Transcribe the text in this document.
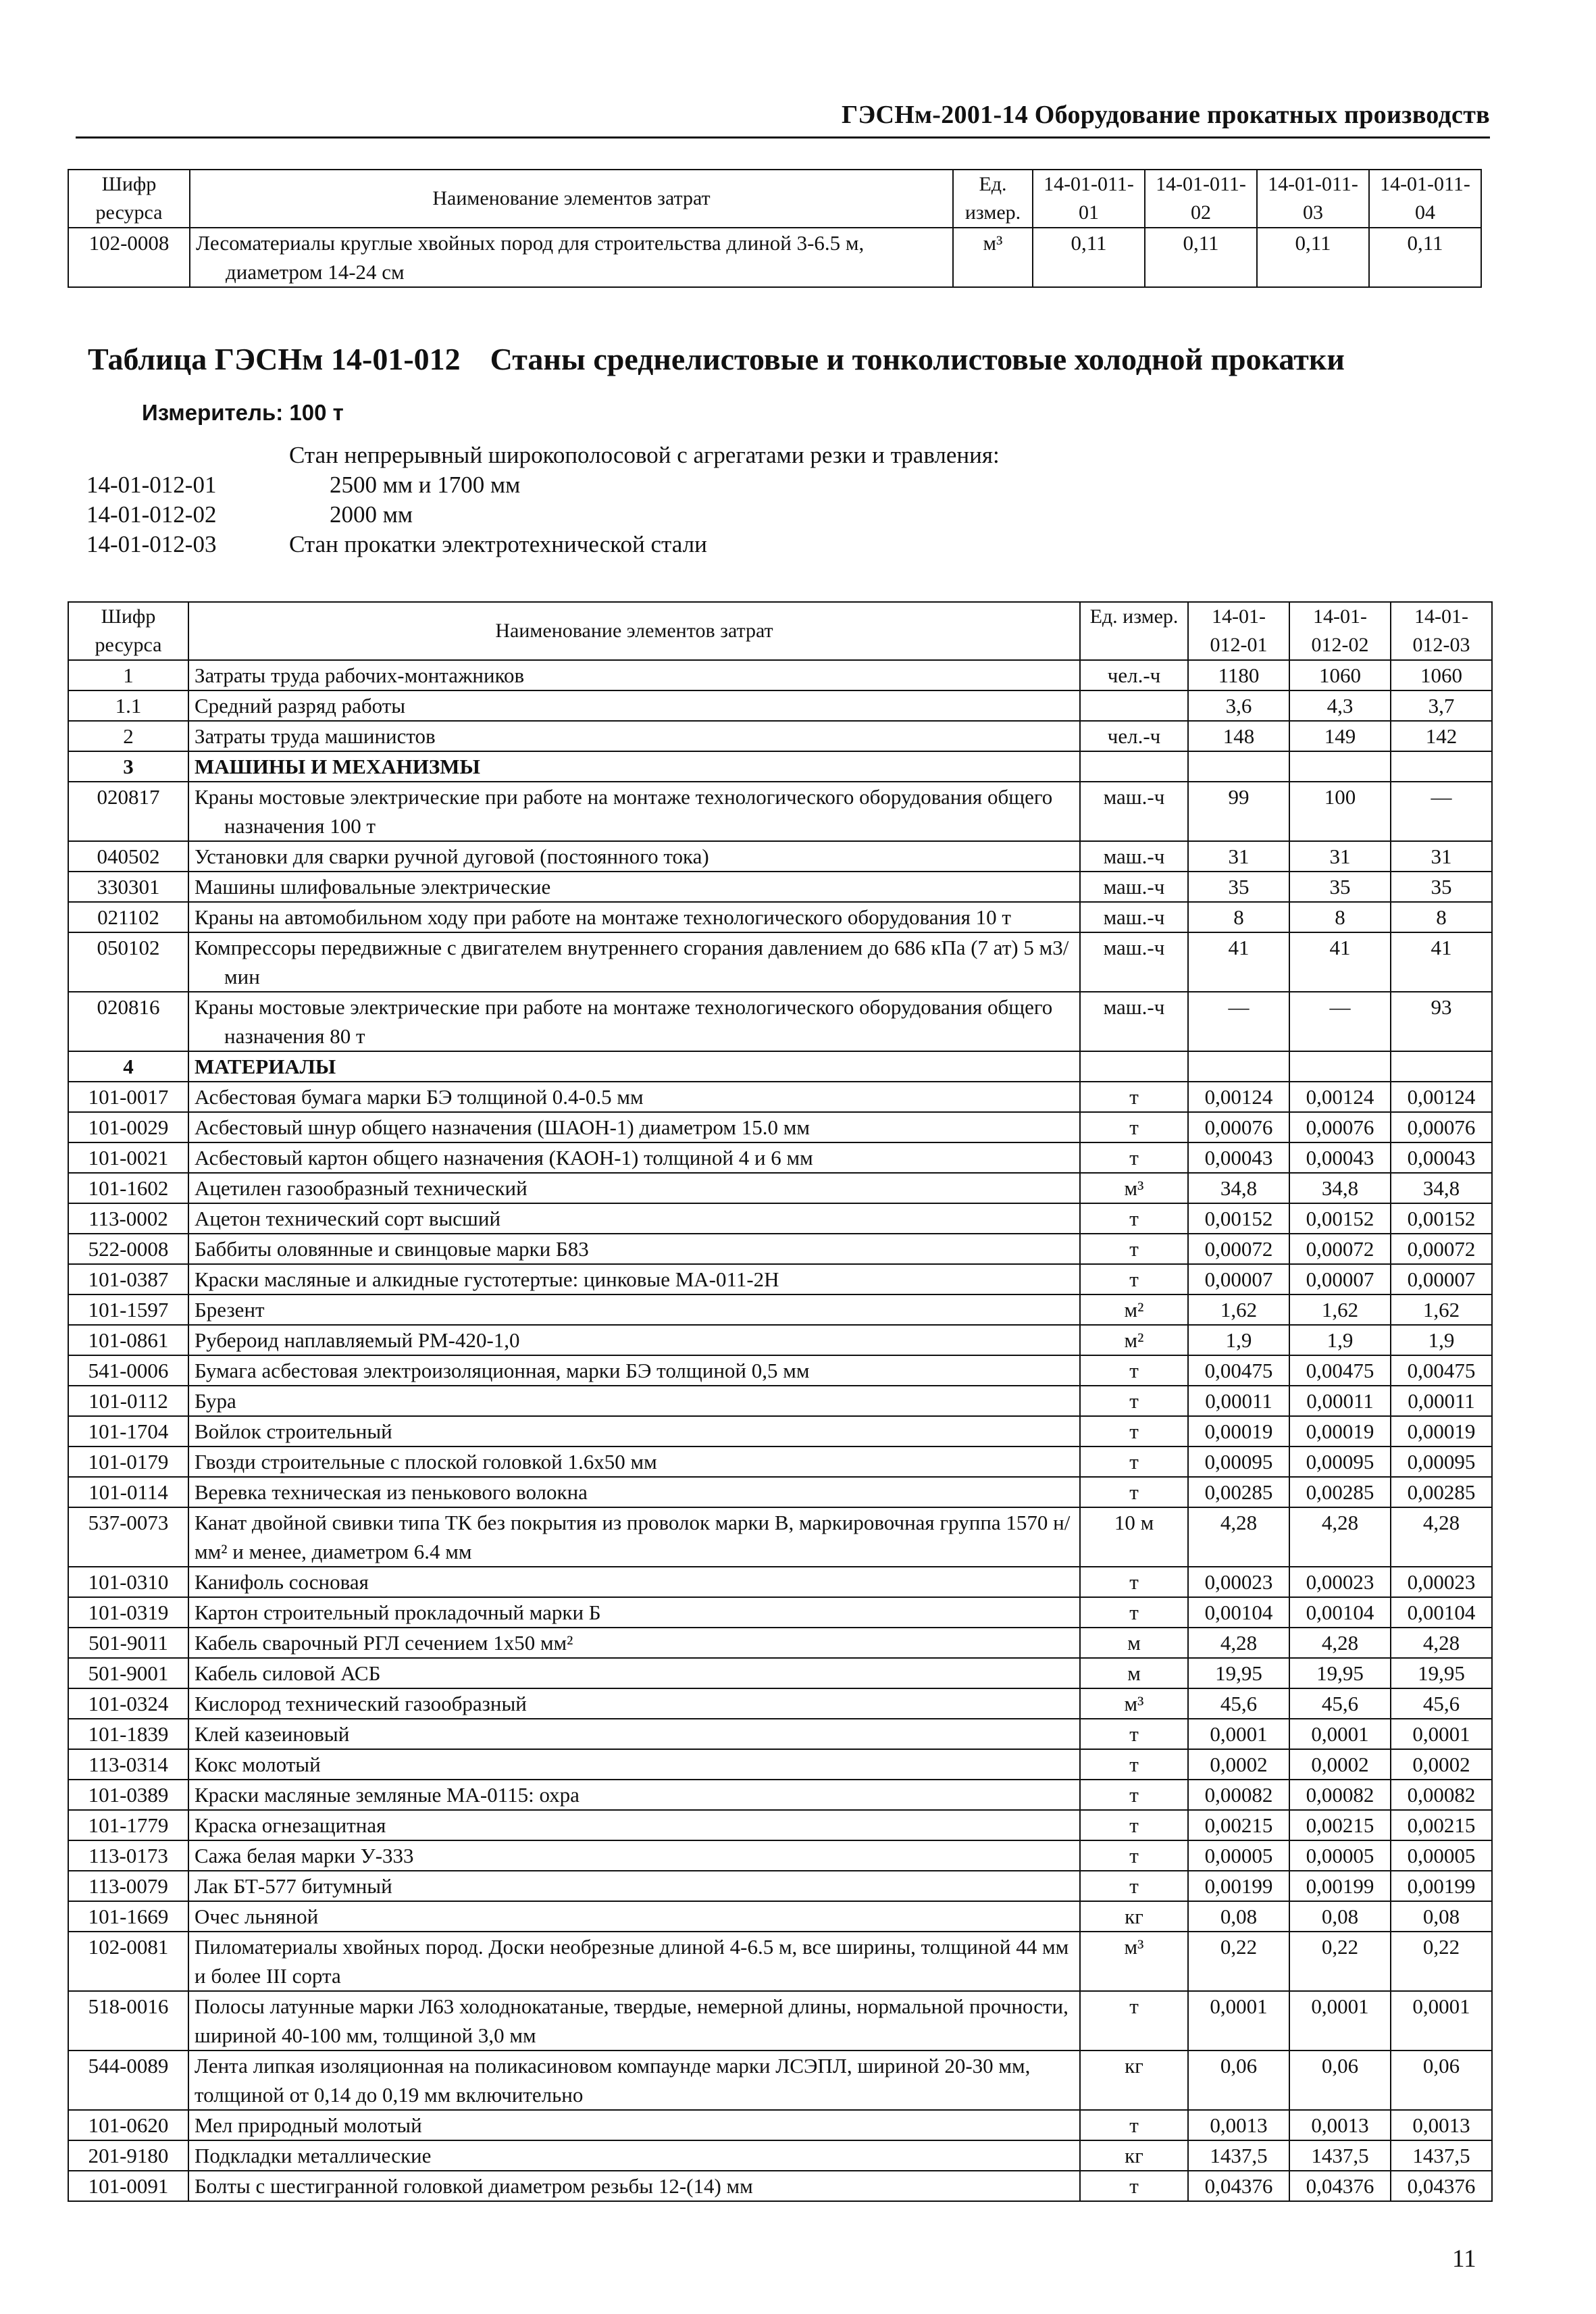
ГЭСНм-2001-14 Оборудование прокатных производств
Шифр ресурса	Наименование элементов затрат	Ед. измер.	14-01-011-01	14-01-011-02	14-01-011-03	14-01-011-04
102-0008	Лесоматериалы круглые хвойных пород для строительства длиной 3-6.5 м, диаметром 14-24 см	м³	0,11	0,11	0,11	0,11
Таблица ГЭСНм 14-01-012 Станы среднелистовые и тонколистовые холодной прокатки
Измеритель: 100 т
Стан непрерывный широкополосовой с агрегатами резки и травления:
14-01-012-01	2500 мм и 1700 мм
14-01-012-02	2000 мм
14-01-012-03	Стан прокатки электротехнической стали
Шифр ресурса	Наименование элементов затрат	Ед. измер.	14-01-012-01	14-01-012-02	14-01-012-03
1	Затраты труда рабочих-монтажников	чел.-ч	1180	1060	1060
1.1	Средний разряд работы		3,6	4,3	3,7
2	Затраты труда машинистов	чел.-ч	148	149	142
3	МАШИНЫ И МЕХАНИЗМЫ				
020817	Краны мостовые электрические при работе на монтаже технологического оборудования общего назначения 100 т	маш.-ч	99	100	—
040502	Установки для сварки ручной дуговой (постоянного тока)	маш.-ч	31	31	31
330301	Машины шлифовальные электрические	маш.-ч	35	35	35
021102	Краны на автомобильном ходу при работе на монтаже технологического оборудования 10 т	маш.-ч	8	8	8
050102	Компрессоры передвижные с двигателем внутреннего сгорания давлением до 686 кПа (7 ат) 5 м3/мин	маш.-ч	41	41	41
020816	Краны мостовые электрические при работе на монтаже технологического оборудования общего назначения 80 т	маш.-ч	—	—	93
4	МАТЕРИАЛЫ				
101-0017	Асбестовая бумага марки БЭ толщиной 0.4-0.5 мм	т	0,00124	0,00124	0,00124
101-0029	Асбестовый шнур общего назначения (ШАОН-1) диаметром 15.0 мм	т	0,00076	0,00076	0,00076
101-0021	Асбестовый картон общего назначения (КАОН-1) толщиной 4 и 6 мм	т	0,00043	0,00043	0,00043
101-1602	Ацетилен газообразный технический	м³	34,8	34,8	34,8
113-0002	Ацетон технический сорт высший	т	0,00152	0,00152	0,00152
522-0008	Баббиты оловянные и свинцовые марки Б83	т	0,00072	0,00072	0,00072
101-0387	Краски масляные и алкидные густотертые: цинковые МА-011-2Н	т	0,00007	0,00007	0,00007
101-1597	Брезент	м²	1,62	1,62	1,62
101-0861	Рубероид наплавляемый РМ-420-1,0	м²	1,9	1,9	1,9
541-0006	Бумага асбестовая электроизоляционная, марки БЭ толщиной 0,5 мм	т	0,00475	0,00475	0,00475
101-0112	Бура	т	0,00011	0,00011	0,00011
101-1704	Войлок строительный	т	0,00019	0,00019	0,00019
101-0179	Гвозди строительные с плоской головкой 1.6х50 мм	т	0,00095	0,00095	0,00095
101-0114	Веревка техническая из пенькового волокна	т	0,00285	0,00285	0,00285
537-0073	Канат двойной свивки типа ТК без покрытия из проволок марки В, маркировочная группа 1570 н/мм² и менее, диаметром 6.4 мм	10 м	4,28	4,28	4,28
101-0310	Канифоль сосновая	т	0,00023	0,00023	0,00023
101-0319	Картон строительный прокладочный марки Б	т	0,00104	0,00104	0,00104
501-9011	Кабель сварочный РГЛ сечением 1х50 мм²	м	4,28	4,28	4,28
501-9001	Кабель силовой АСБ	м	19,95	19,95	19,95
101-0324	Кислород технический газообразный	м³	45,6	45,6	45,6
101-1839	Клей казеиновый	т	0,0001	0,0001	0,0001
113-0314	Кокс молотый	т	0,0002	0,0002	0,0002
101-0389	Краски масляные земляные МА-0115: охра	т	0,00082	0,00082	0,00082
101-1779	Краска огнезащитная	т	0,00215	0,00215	0,00215
113-0173	Сажа белая марки У-333	т	0,00005	0,00005	0,00005
113-0079	Лак БТ-577 битумный	т	0,00199	0,00199	0,00199
101-1669	Очес льняной	кг	0,08	0,08	0,08
102-0081	Пиломатериалы хвойных пород. Доски необрезные длиной 4-6.5 м, все ширины, толщиной 44 мм и более III сорта	м³	0,22	0,22	0,22
518-0016	Полосы латунные марки Л63 холоднокатаные, твердые, немерной длины, нормальной прочности, шириной 40-100 мм, толщиной 3,0 мм	т	0,0001	0,0001	0,0001
544-0089	Лента липкая изоляционная на поликасиновом компаунде марки ЛСЭПЛ, шириной 20-30 мм, толщиной от 0,14 до 0,19 мм включительно	кг	0,06	0,06	0,06
101-0620	Мел природный молотый	т	0,0013	0,0013	0,0013
201-9180	Подкладки металлические	кг	1437,5	1437,5	1437,5
101-0091	Болты с шестигранной головкой диаметром резьбы 12-(14) мм	т	0,04376	0,04376	0,04376
11
